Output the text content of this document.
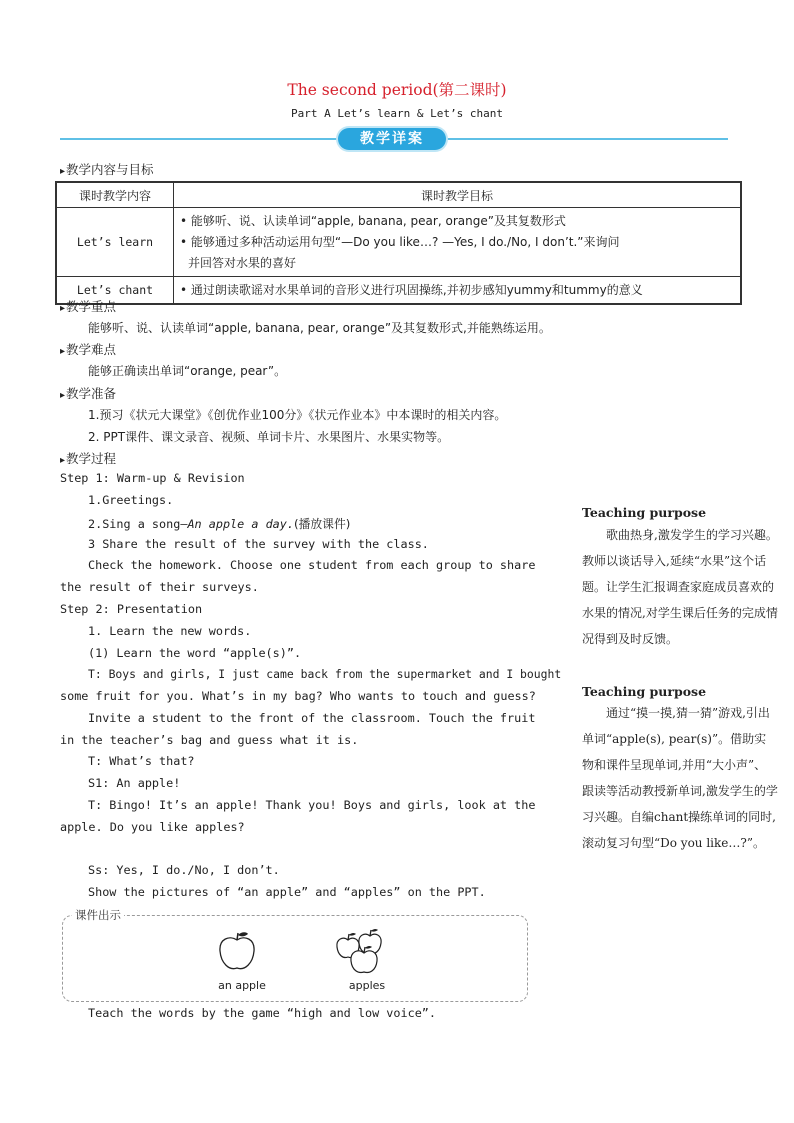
The second period(第二课时)
Part A Let’s learn & Let’s chant
教学详案
▸ 教学内容与目标
课时教学内容	课时教学目标
Let’s learn	• 能够听、说、认读单词“apple, banana, pear, orange”及其复数形式
• 能够通过多种活动运用句型“—Do you like…? —Yes, I do./No, I don’t.”来询问
并回答对水果的喜好

Let’s chant	• 通过朗读歌谣对水果单词的音形义进行巩固操练,并初步感知yummy和tummy的意义
▸ 教学重点
能够听、说、认读单词“apple, banana, pear, orange”及其复数形式,并能熟练运用。
▸ 教学难点
能够正确读出单词“orange, pear”。
▸ 教学准备
1.预习《状元大课堂》《创优作业100分》《状元作业本》中本课时的相关内容。
2. PPT课件、课文录音、视频、单词卡片、水果图片、水果实物等。
▸ 教学过程
Step 1: Warm-up & Revision
1.Greetings.
2.Sing a song—An apple a day.(播放课件)
3 Share the result of the survey with the class.
Check the homework. Choose one student from each group to share
the result of their surveys.
Step 2: Presentation
1. Learn the new words.
(1) Learn the word “apple(s)”.
T: Boys and girls, I just came back from the supermarket and I bought
some fruit for you. What’s in my bag? Who wants to touch and guess?
Invite a student to the front of the classroom. Touch the fruit
in the teacher’s bag and guess what it is.
T: What’s that?
S1: An apple!
T: Bingo! It’s an apple! Thank you! Boys and girls, look at the
apple. Do you like apples?
Ss: Yes, I do./No, I don’t.
Show the pictures of “an apple” and “apples” on the PPT.
课件出示
an apple	apples
Teach the words by the game “high and low voice”.
Teaching purpose
歌曲热身,激发学生的学习兴趣。教师以谈话导入,延续“水果”这个话题。让学生汇报调查家庭成员喜欢的水果的情况,对学生课后任务的完成情况得到及时反馈。
Teaching purpose
通过“摸一摸,猜一猜”游戏,引出单词“apple(s), pear(s)”。借助实物和课件呈现单词,并用“大小声”、跟读等活动教授新单词,激发学生的学习兴趣。自编chant操练单词的同时,滚动复习句型“Do you like…?”。
